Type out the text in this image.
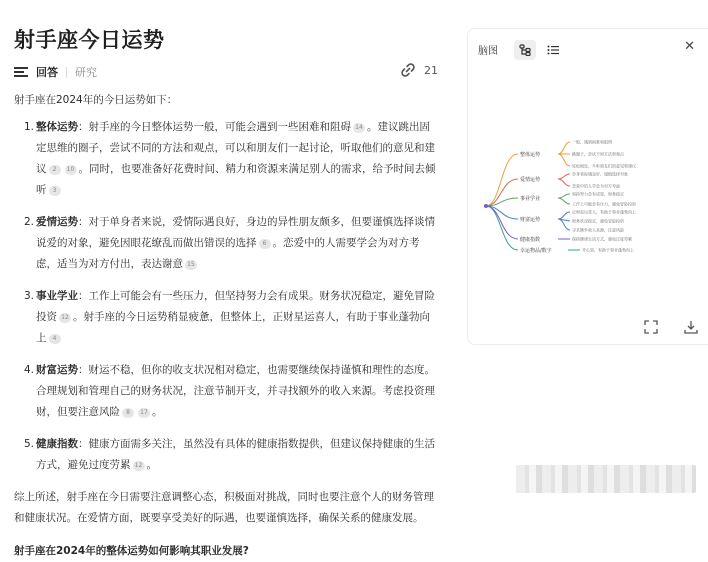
射手座今日运势
回答 研究	21

射手座在2024年的今日运势如下：

1. 整体运势：射手座的今日整体运势一般，可能会遇到一些困难和阻碍 14 。建议跳出固定思维的圈子，尝试不同的方法和观点，可以和朋友们一起讨论，听取他们的意见和建议 2 10 。同时，也要准备好花费时间、精力和资源来满足别人的需求，给予时间去倾听 3
2. 爱情运势：对于单身者来说，爱情际遇良好，身边的异性朋友颇多，但要谨慎选择谈情说爱的对象，避免因眼花缭乱而做出错误的选择 6 。恋爱中的人需要学会为对方考虑，适当为对方付出，表达谢意 15
3. 事业学业：工作上可能会有一些压力，但坚持努力会有成果。财务状况稳定，避免冒险投资 12 。射手座的今日运势稍显疲惫，但整体上，正财星运喜人，有助于事业蓬勃向上 4
4. 财富运势：财运不稳，但你的收支状况相对稳定，也需要继续保持谨慎和理性的态度。合理规划和管理自己的财务状况，注意节制开支，并寻找额外的收入来源。考虑投资理财，但要注意风险 8 17 。
5. 健康指数：健康方面需多关注，虽然没有具体的健康指数提供，但建议保持健康的生活方式，避免过度劳累 12 。

综上所述，射手座在今日需要注意调整心态，积极面对挑战，同时也要注意个人的财务管理和健康状况。在爱情方面，既要享受美好的际遇，也要谨慎选择，确保关系的健康发展。

射手座在2024年的整体运势如何影响其职业发展?

脑图	✕
整体运势
爱情运势
事业学业
财富运势
健康指数
幸运物品/数字
一般，遇到困难和阻碍
跳圈子，尝试不同方法和观点
轻松相处，多听朋友们的意见和建议
单身者际遇良好，谨慎选择对象
恋爱中的人学会为对方考虑
坚持努力会有成果，财务稳定
工作上可能会有压力，避免冒险投资
正财星运喜人，有助于事业蓬勃向上
财务状况稳定，避免冒险投资
寻求额外收入来源，注意风险
保持健康生活方式，避免过度劳累
开心果，有助于事业蓬勃向上
